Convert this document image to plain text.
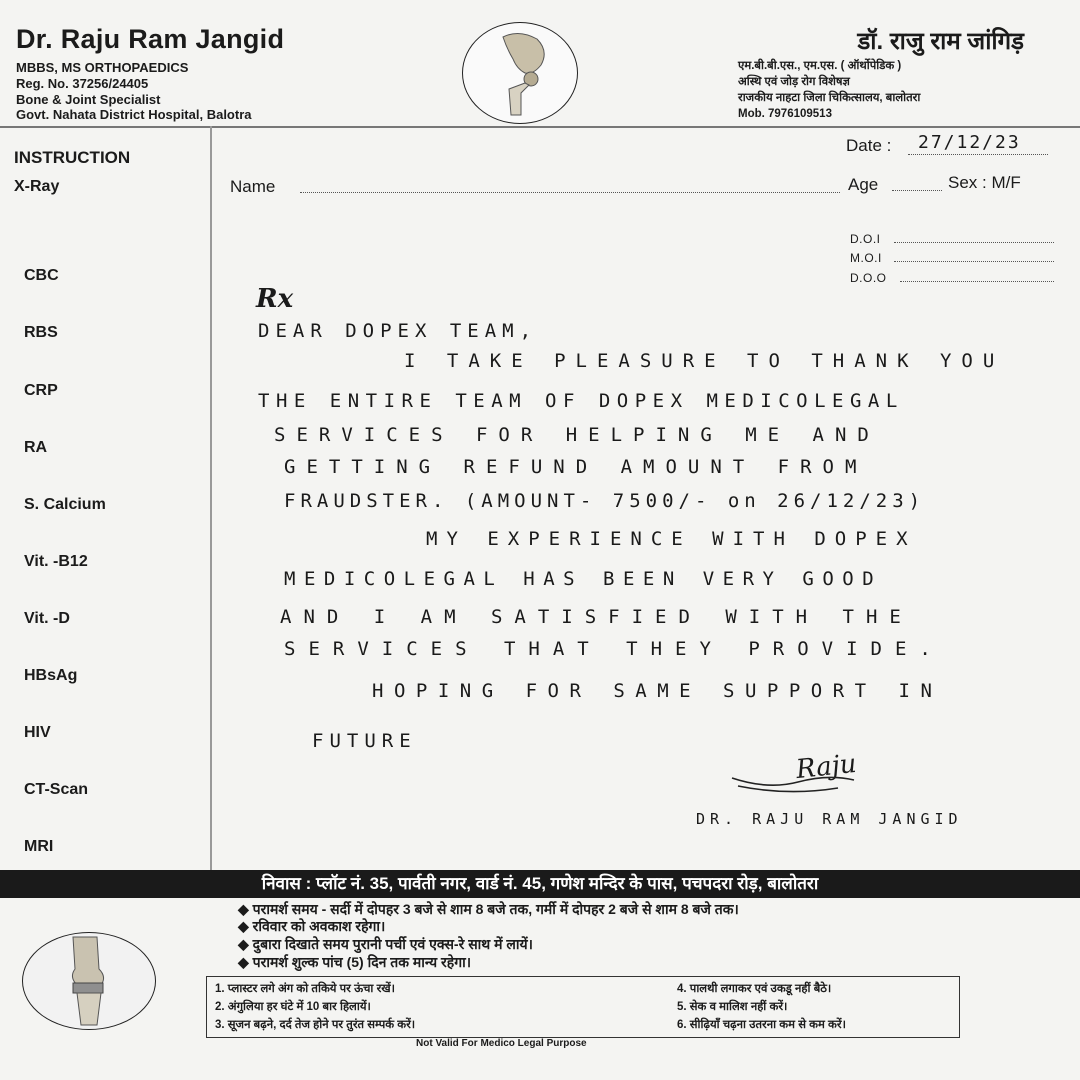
Dr. Raju Ram Jangid
MBBS, MS ORTHOPAEDICS
Reg. No. 37256/24405
Bone & Joint Specialist
Govt. Nahata District Hospital, Balotra
डॉ. राजु राम जांगिड़
एम.बी.बी.एस., एम.एस. ( ऑर्थोपेडिक )
अस्थि एवं जोड़ रोग विशेषज्ञ
राजकीय नाहटा जिला चिकित्सालय, बालोतरा
Mob. 7976109513
INSTRUCTION
X-Ray
CBC
RBS
CRP
RA
S. Calcium
Vit. -B12
Vit. -D
HBsAg
HIV
CT-Scan
MRI
Date : 27/12/23
Name	Age	Sex : M/F
D.O.I
M.O.I
D.O.O
Rx
DEAR DOPEX TEAM,
I TAKE PLEASURE TO THANK YOU
THE ENTIRE TEAM OF DOPEX MEDICOLEGAL
SERVICES FOR HELPING ME AND
GETTING REFUND AMOUNT FROM
FRAUDSTER. (AMOUNT- 7500/- on 26/12/23)
MY EXPERIENCE WITH DOPEX
MEDICOLEGAL HAS BEEN VERY GOOD
AND I AM SATISFIED WITH THE
SERVICES THAT THEY PROVIDE.
HOPING FOR SAME SUPPORT IN
FUTURE
Raju
DR. RAJU RAM JANGID
निवास : प्लॉट नं. 35, पार्वती नगर, वार्ड नं. 45, गणेश मन्दिर के पास, पचपदरा रोड़, बालोतरा
◆ परामर्श समय - सर्दी में दोपहर 3 बजे से शाम 8 बजे तक, गर्मी में दोपहर 2 बजे से शाम 8 बजे तक।
◆ रविवार को अवकाश रहेगा।
◆ दुबारा दिखाते समय पुरानी पर्ची एवं एक्स-रे साथ में लायें।
◆ परामर्श शुल्क पांच (5) दिन तक मान्य रहेगा।
1. प्लास्टर लगे अंग को तकिये पर ऊंचा रखें।
2. अंगुलिया हर घंटे में 10 बार हिलायें।
3. सूजन बढ़ने, दर्द तेज होने पर तुरंत सम्पर्क करें।
4. पालथी लगाकर एवं उकडू नहीं बैठे।
5. सेक व मालिश नहीं करें।
6. सीढ़ियाँ चढ़ना उतरना कम से कम करें।
Not Valid For Medico Legal Purpose
